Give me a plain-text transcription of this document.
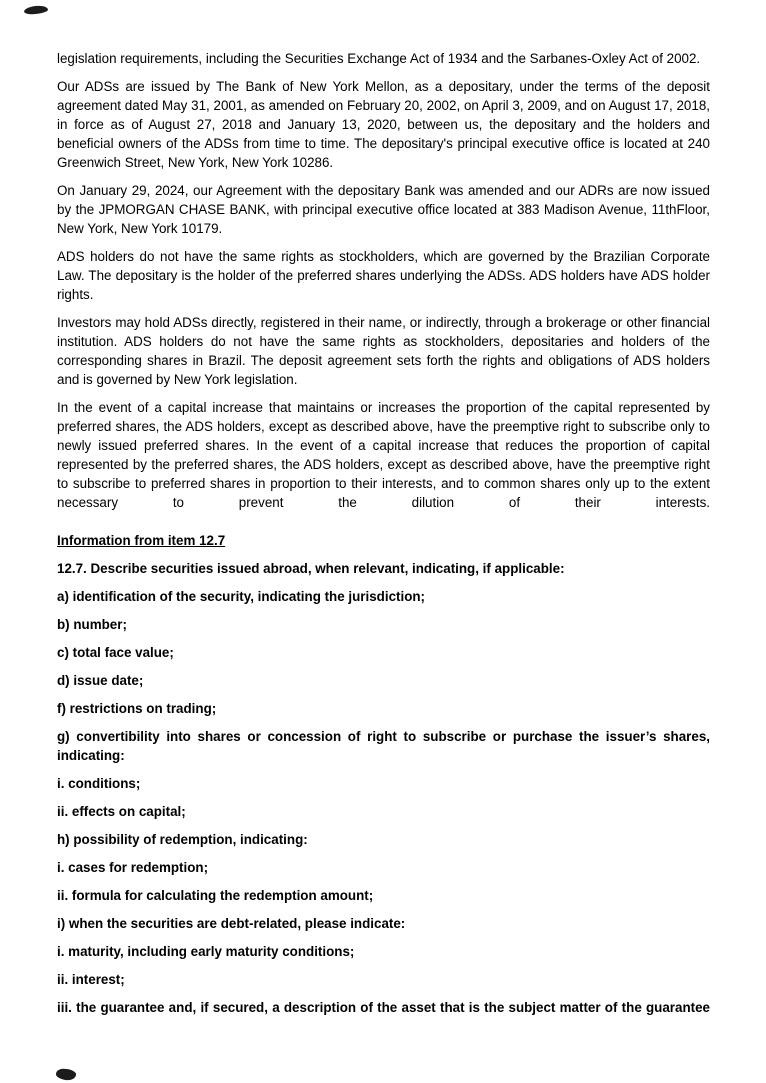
legislation requirements, including the Securities Exchange Act of 1934 and the Sarbanes-Oxley Act of 2002.

Our ADSs are issued by The Bank of New York Mellon, as a depositary, under the terms of the deposit agreement dated May 31, 2001, as amended on February 20, 2002, on April 3, 2009, and on August 17, 2018, in force as of August 27, 2018 and January 13, 2020, between us, the depositary and the holders and beneficial owners of the ADSs from time to time. The depositary's principal executive office is located at 240 Greenwich Street, New York, New York 10286.

On January 29, 2024, our Agreement with the depositary Bank was amended and our ADRs are now issued by the JPMORGAN CHASE BANK, with principal executive office located at 383 Madison Avenue, 11thFloor, New York, New York 10179.

ADS holders do not have the same rights as stockholders, which are governed by the Brazilian Corporate Law. The depositary is the holder of the preferred shares underlying the ADSs. ADS holders have ADS holder rights.

Investors may hold ADSs directly, registered in their name, or indirectly, through a brokerage or other financial institution. ADS holders do not have the same rights as stockholders, depositaries and holders of the corresponding shares in Brazil. The deposit agreement sets forth the rights and obligations of ADS holders and is governed by New York legislation.

In the event of a capital increase that maintains or increases the proportion of the capital represented by preferred shares, the ADS holders, except as described above, have the preemptive right to subscribe only to newly issued preferred shares. In the event of a capital increase that reduces the proportion of capital represented by the preferred shares, the ADS holders, except as described above, have the preemptive right to subscribe to preferred shares in proportion to their interests, and to common shares only up to the extent necessary to prevent the dilution of their interests.

Information from item 12.7

12.7. Describe securities issued abroad, when relevant, indicating, if applicable:

a) identification of the security, indicating the jurisdiction;

b) number;

c) total face value;

d) issue date;

f) restrictions on trading;

g) convertibility into shares or concession of right to subscribe or purchase the issuer’s shares, indicating:

i. conditions;

ii. effects on capital;

h) possibility of redemption, indicating:

i. cases for redemption;

ii. formula for calculating the redemption amount;

i) when the securities are debt-related, please indicate:

i. maturity, including early maturity conditions;

ii. interest;

iii. the guarantee and, if secured, a description of the asset that is the subject matter of the guarantee
